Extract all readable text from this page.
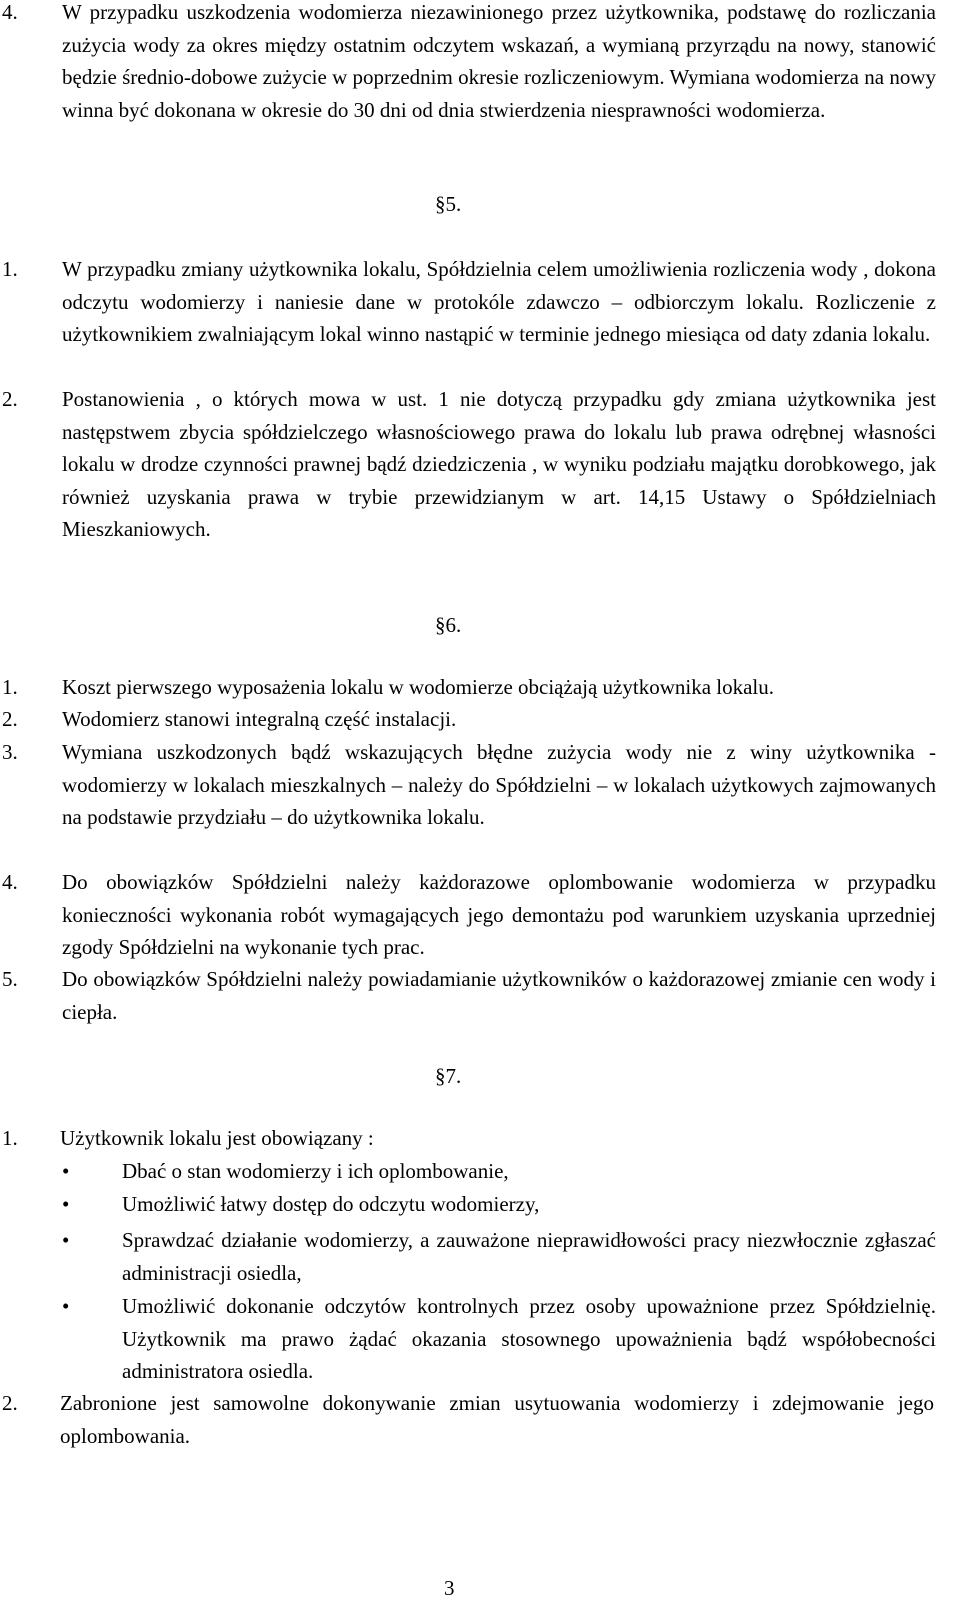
4. W przypadku uszkodzenia wodomierza niezawinionego przez użytkownika, podstawę do rozliczania zużycia wody za okres między ostatnim odczytem wskazań, a wymianą przyrządu na nowy, stanowić będzie średnio-dobowe zużycie w poprzednim okresie rozliczeniowym. Wymiana wodomierza na nowy winna być dokonana w okresie do 30 dni od dnia stwierdzenia niesprawności wodomierza.
§5.
1. W przypadku zmiany użytkownika lokalu, Spółdzielnia celem umożliwienia rozliczenia wody , dokona odczytu wodomierzy i naniesie dane w protokóle zdawczo – odbiorczym lokalu. Rozliczenie z użytkownikiem zwalniającym lokal winno nastąpić w terminie jednego miesiąca od daty zdania lokalu.
2. Postanowienia , o których mowa w ust. 1 nie dotyczą przypadku gdy zmiana użytkownika jest następstwem zbycia spółdzielczego własnościowego prawa do lokalu lub prawa odrębnej własności lokalu w drodze czynności prawnej bądź dziedziczenia , w wyniku podziału majątku dorobkowego, jak również uzyskania prawa w trybie przewidzianym w art. 14,15 Ustawy o Spółdzielniach Mieszkaniowych.
§6.
1. Koszt pierwszego wyposażenia lokalu w wodomierze obciążają użytkownika lokalu.
2. Wodomierz stanowi integralną część instalacji.
3. Wymiana uszkodzonych bądź wskazujących błędne zużycia wody nie z winy użytkownika - wodomierzy w lokalach mieszkalnych – należy do Spółdzielni – w lokalach użytkowych zajmowanych na podstawie przydziału – do użytkownika lokalu.
4. Do obowiązków Spółdzielni należy każdorazowe oplombowanie wodomierza w przypadku konieczności wykonania robót wymagających jego demontażu pod warunkiem uzyskania uprzedniej zgody Spółdzielni na wykonanie tych prac.
5. Do obowiązków Spółdzielni należy powiadamianie użytkowników o każdorazowej zmianie cen wody i ciepła.
§7.
1. Użytkownik lokalu jest obowiązany :
•	Dbać o stan wodomierzy i ich oplombowanie,
•	Umożliwić łatwy dostęp do odczytu wodomierzy,
•	Sprawdzać działanie wodomierzy, a zauważone nieprawidłowości pracy niezwłocznie zgłaszać administracji osiedla,
•	Umożliwić dokonanie odczytów kontrolnych przez osoby upoważnione przez Spółdzielnię. Użytkownik ma prawo żądać okazania stosownego upoważnienia bądź współobecności administratora osiedla.
2. Zabronione jest samowolne dokonywanie zmian usytuowania wodomierzy i zdejmowanie jego oplombowania.
3
